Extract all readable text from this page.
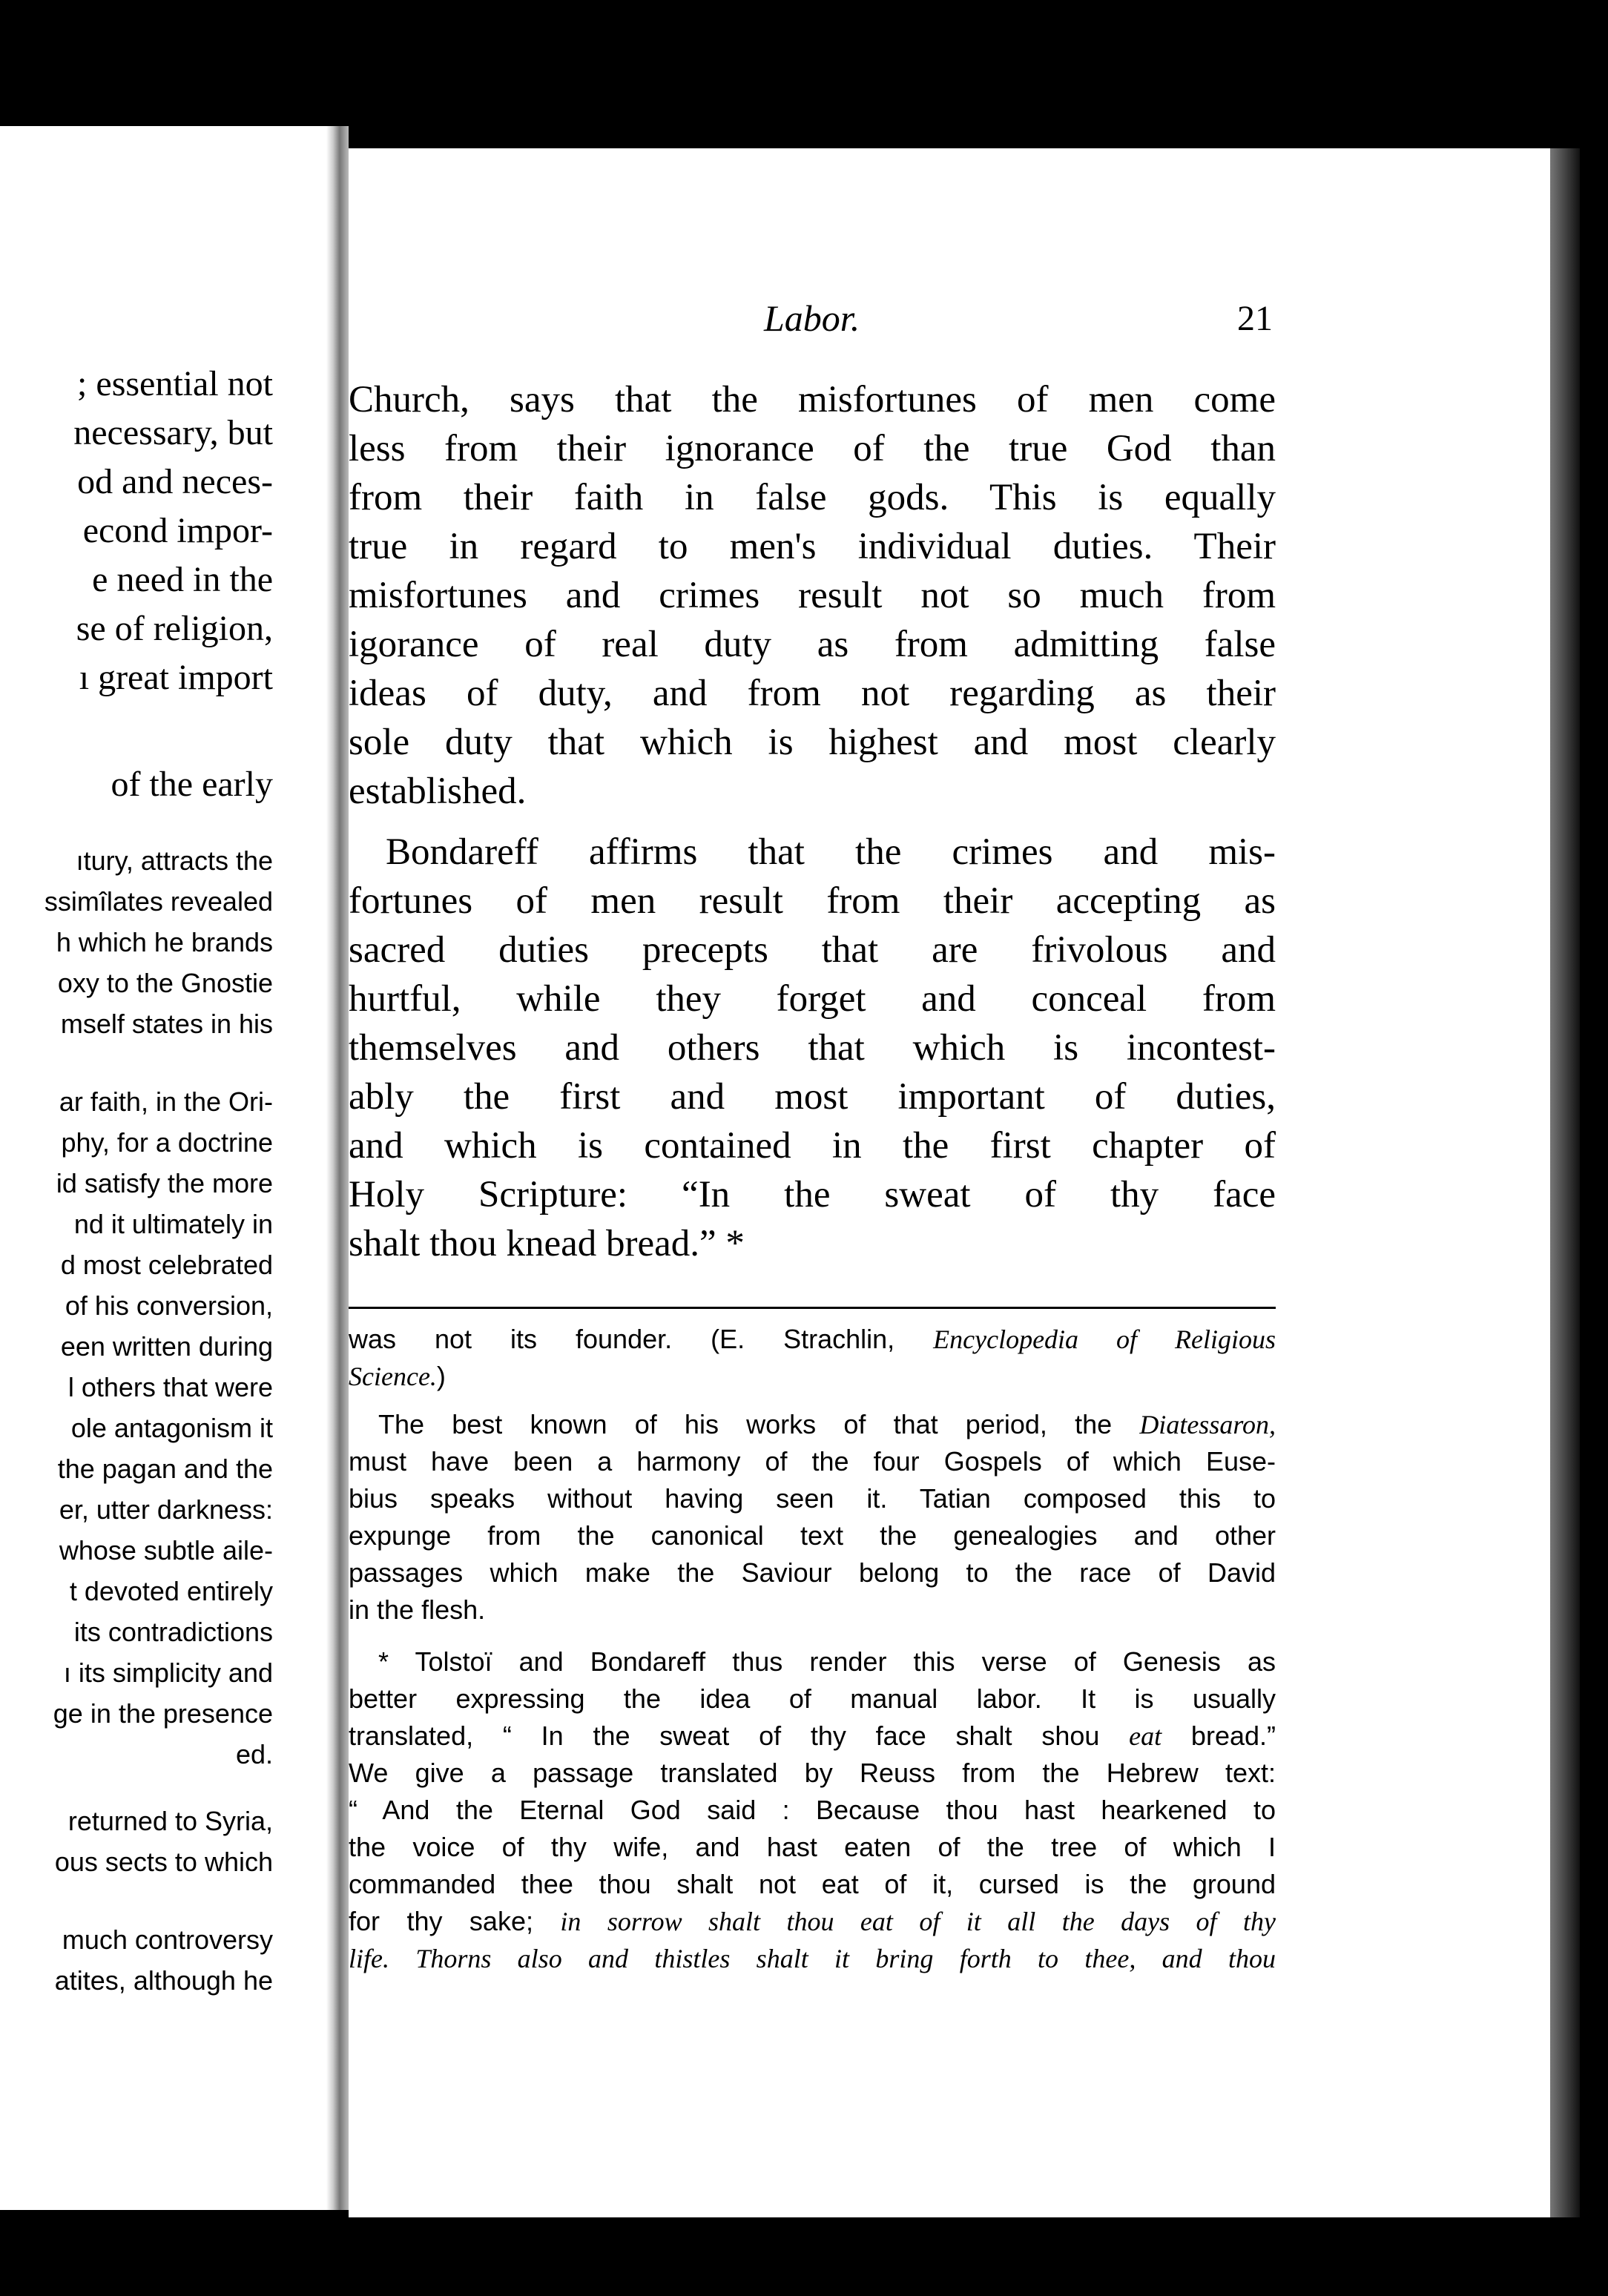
; essential not
necessary, but
od and neces-
econd impor-
e need in the
se of religion,
ı great import
of the early
ıtury, attracts the
ssimîlates revealed
h which he brands
oxy to the Gnostie
mself states in his
ar faith, in the Ori-
phy, for a doctrine
id satisfy the more
nd it ultimately in
d most celebrated
of his conversion,
een written during
l others that were
ole antagonism it
the pagan and the
er, utter darkness:
whose subtle aile-
t devoted entirely
its contradictions
ı its simplicity and
ge in the presence
ed.
returned to Syria,
ous sects to which
much controversy
atites, although he
Labor.	21
Church, says that the misfortunes of men come
less from their ignorance of the true God than
from their faith in false gods. This is equally
true in regard to men's individual duties. Their
misfortunes and crimes result not so much from
igorance of real duty as from admitting false
ideas of duty, and from not regarding as their
sole duty that which is highest and most clearly
established.
Bondareff affirms that the crimes and mis-
fortunes of men result from their accepting as
sacred duties precepts that are frivolous and
hurtful, while they forget and conceal from
themselves and others that which is incontest-
ably the first and most important of duties,
and which is contained in the first chapter of
Holy Scripture: “In the sweat of thy face
shalt thou knead bread.” *
was not its founder. (E. Strachlin, Encyclopedia of Religious
Science.)
The best known of his works of that period, the Diatessaron,
must have been a harmony of the four Gospels of which Euse-
bius speaks without having seen it. Tatian composed this to
expunge from the canonical text the genealogies and other
passages which make the Saviour belong to the race of David
in the flesh.
* Tolstoï and Bondareff thus render this verse of Genesis as
better expressing the idea of manual labor. It is usually
translated, “ In the sweat of thy face shalt shou eat bread.”
We give a passage translated by Reuss from the Hebrew text:
“ And the Eternal God said : Because thou hast hearkened to
the voice of thy wife, and hast eaten of the tree of which I
commanded thee thou shalt not eat of it, cursed is the ground
for thy sake; in sorrow shalt thou eat of it all the days of thy
life. Thorns also and thistles shalt it bring forth to thee, and thou
